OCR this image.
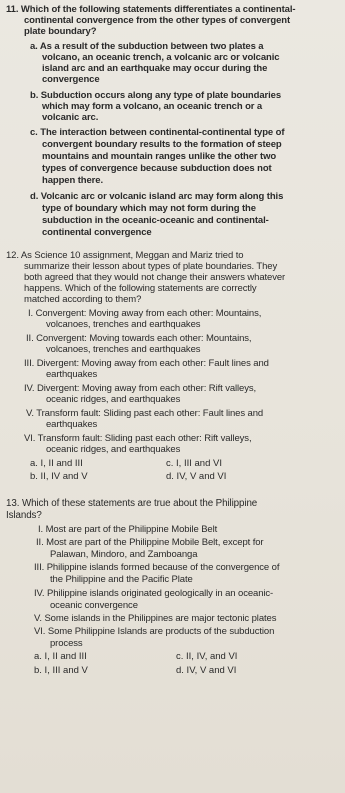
11. Which of the following statements differentiates a continental-
continental convergence from the other types of convergent
plate boundary?
a. As a result of the subduction between two plates a
volcano, an oceanic trench, a volcanic arc or volcanic
island arc and an earthquake may occur during the
convergence
b. Subduction occurs along any type of plate boundaries
which may form a volcano, an oceanic trench or a
volcanic arc.
c. The interaction between continental-continental type of
convergent boundary results to the formation of steep
mountains and mountain ranges unlike the other two
types of convergence because subduction does not
happen there.
d. Volcanic arc or volcanic island arc may form along this
type of boundary which may not form during the
subduction in the oceanic-oceanic and continental-
continental convergence
12. As Science 10 assignment, Meggan and Mariz tried to
summarize their lesson about types of plate boundaries. They
both agreed that they would not change their answers whatever
happens. Which of the following statements are correctly
matched according to them?
I. Convergent: Moving away from each other: Mountains,
volcanoes, trenches and earthquakes
II. Convergent: Moving towards each other: Mountains,
volcanoes, trenches and earthquakes
III. Divergent: Moving away from each other: Fault lines and
earthquakes
IV. Divergent: Moving away from each other: Rift valleys,
oceanic ridges, and earthquakes
V. Transform fault: Sliding past each other: Fault lines and
earthquakes
VI. Transform fault: Sliding past each other: Rift valleys,
oceanic ridges, and earthquakes
a. I, II and III	c. I, III and VI
b. II, IV and V	d. IV, V and VI
13. Which of these statements are true about the Philippine
Islands?
I. Most are part of the Philippine Mobile Belt
II. Most are part of the Philippine Mobile Belt, except for
Palawan, Mindoro, and Zamboanga
III. Philippine islands formed because of the convergence of
the Philippine and the Pacific Plate
IV. Philippine islands originated geologically in an oceanic-
oceanic convergence
V. Some islands in the Philippines are major tectonic plates
VI. Some Philippine Islands are products of the subduction
process
a. I, II and III	c. II, IV, and VI
b. I, III and V	d. IV, V and VI
